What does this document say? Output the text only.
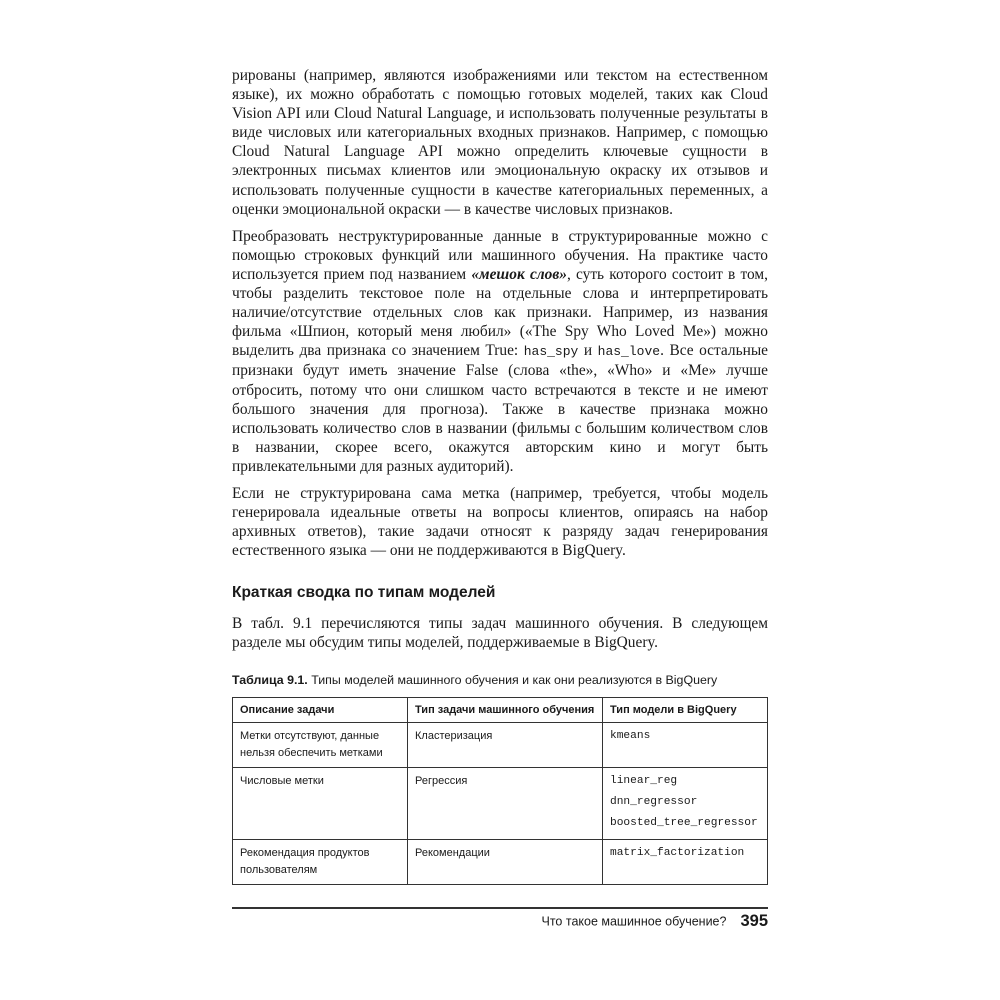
рированы (например, являются изображениями или текстом на естественном языке), их можно обработать с помощью готовых моделей, таких как Cloud Vision API или Cloud Natural Language, и использовать полученные результаты в виде числовых или категориальных входных признаков. Например, с помощью Cloud Natural Language API можно определить ключевые сущности в электронных письмах клиентов или эмоциональную окраску их отзывов и использовать полученные сущности в качестве категориальных переменных, а оценки эмоциональной окраски — в качестве числовых признаков.

Преобразовать неструктурированные данные в структурированные можно с помощью строковых функций или машинного обучения. На практике часто используется прием под названием «мешок слов», суть которого состоит в том, чтобы разделить текстовое поле на отдельные слова и интерпретировать наличие/отсутствие отдельных слов как признаки. Например, из названия фильма «Шпион, который меня любил» («The Spy Who Loved Me») можно выделить два признака со значением True: has_spy и has_love. Все остальные признаки будут иметь значение False (слова «the», «Who» и «Me» лучше отбросить, потому что они слишком часто встречаются в тексте и не имеют большого значения для прогноза). Также в качестве признака можно использовать количество слов в названии (фильмы с большим количеством слов в названии, скорее всего, окажутся авторским кино и могут быть привлекательными для разных аудиторий).

Если не структурирована сама метка (например, требуется, чтобы модель генерировала идеальные ответы на вопросы клиентов, опираясь на набор архивных ответов), такие задачи относят к разряду задач генерирования естественного языка — они не поддерживаются в BigQuery.

Краткая сводка по типам моделей

В табл. 9.1 перечисляются типы задач машинного обучения. В следующем разделе мы обсудим типы моделей, поддерживаемые в BigQuery.

Таблица 9.1. Типы моделей машинного обучения и как они реализуются в BigQuery
Описание задачи	Тип задачи машинного обучения	Тип модели в BigQuery
Метки отсутствуют, данные нельзя обеспечить метками	Кластеризация	kmeans

Числовые метки	Регрессия	linear_reg
dnn_regressor
boosted_tree_regressor

Рекомендация продуктов пользователям	Рекомендации	matrix_factorization
Что такое машинное обучение? 395
